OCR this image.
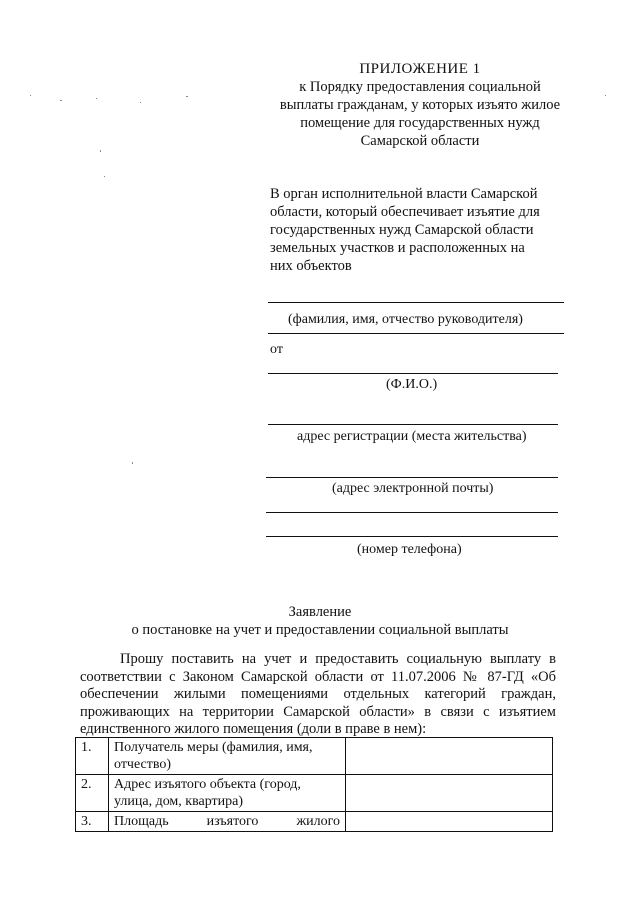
ПРИЛОЖЕНИЕ 1
к Порядку предоставления социальной
выплаты гражданам, у которых изъято жилое
помещение для государственных нужд
Самарской области
В орган исполнительной власти Самарской
области, который обеспечивает изъятие для
государственных нужд Самарской области
земельных участков и расположенных на
них объектов
(фамилия, имя, отчество руководителя)
от
(Ф.И.О.)
адрес регистрации (места жительства)
(адрес электронной почты)
(номер телефона)
Заявление
о постановке на учет и предоставлении социальной выплаты
Прошу поставить на учет и предоставить социальную выплату в соответствии с Законом Самарской области от 11.07.2006 № 87-ГД «Об обеспечении жилыми помещениями отдельных категорий граждан, проживающих на территории Самарской области» в связи с изъятием единственного жилого помещения (доли в праве в нем):
1.	Получатель меры (фамилия, имя, отчество)	
2.	Адрес изъятого объекта (город, улица, дом, квартира)	
3.	Площадь изъятого жилого	
